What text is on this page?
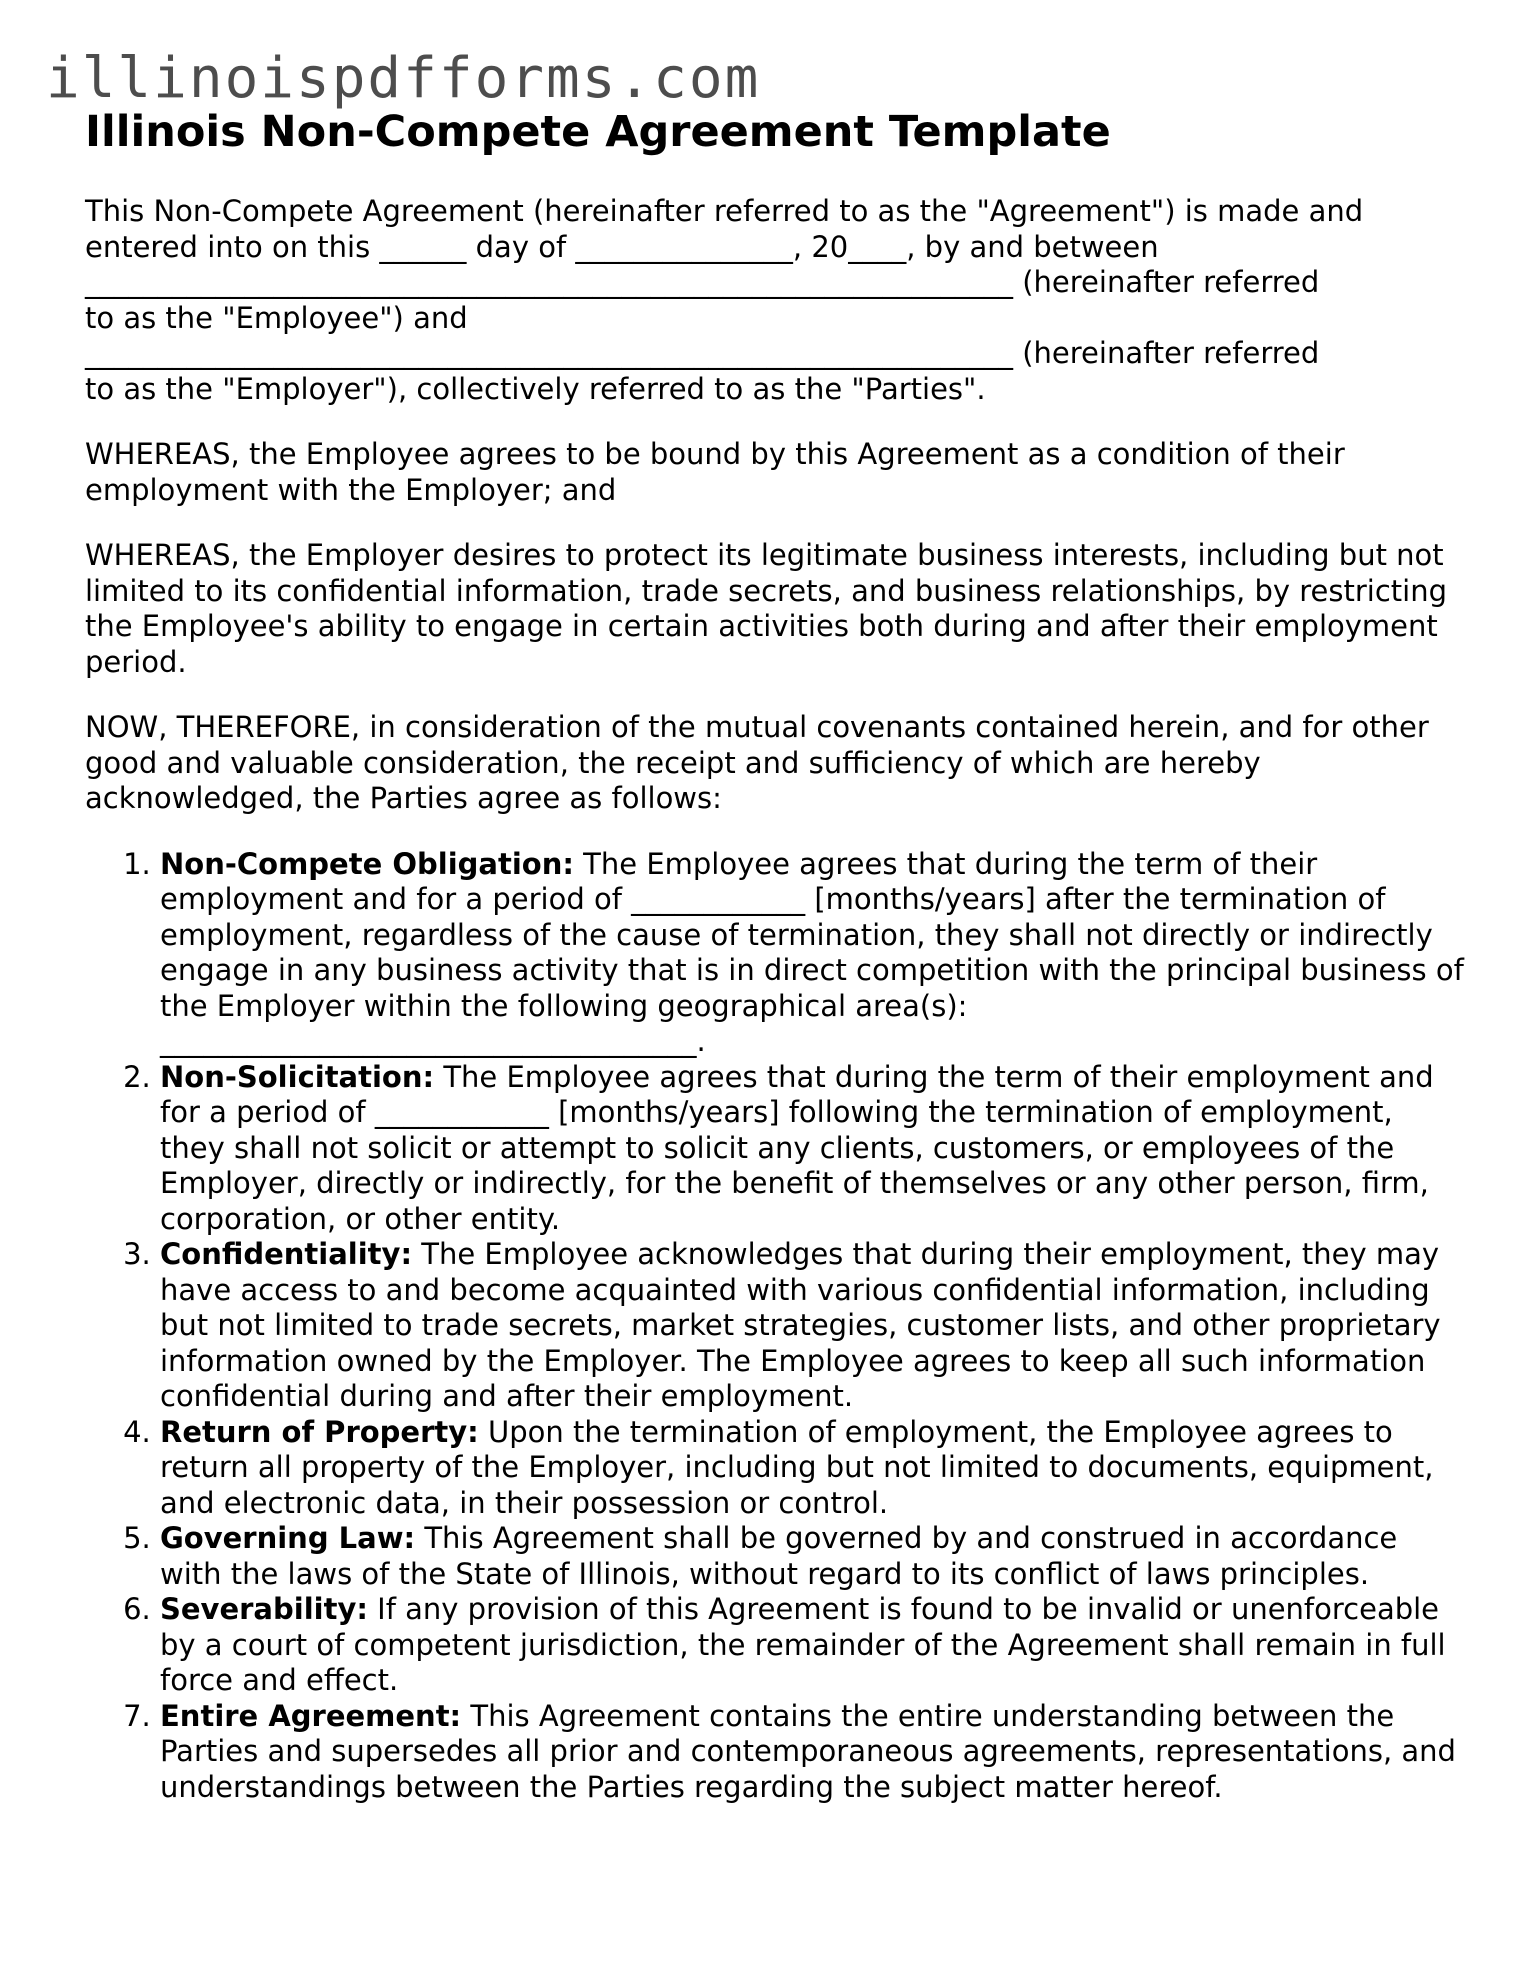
illinoispdfforms.com
Illinois Non-Compete Agreement Template
This Non-Compete Agreement (hereinafter referred to as the "Agreement") is made and
entered into on this ______ day of _______________, 20____, by and between
________________________________________________________________ (hereinafter referred
to as the "Employee") and
________________________________________________________________ (hereinafter referred
to as the "Employer"), collectively referred to as the "Parties".

WHEREAS, the Employee agrees to be bound by this Agreement as a condition of their employment with the Employer; and

WHEREAS, the Employer desires to protect its legitimate business interests, including but not limited to its confidential information, trade secrets, and business relationships, by restricting the Employee's ability to engage in certain activities both during and after their employment period.

NOW, THEREFORE, in consideration of the mutual covenants contained herein, and for other good and valuable consideration, the receipt and sufficiency of which are hereby acknowledged, the Parties agree as follows:

1. Non-Compete Obligation: The Employee agrees that during the term of their employment and for a period of ____________ [months/years] after the termination of employment, regardless of the cause of termination, they shall not directly or indirectly engage in any business activity that is in direct competition with the principal business of the Employer within the following geographical area(s): _____________________________________.
2. Non-Solicitation: The Employee agrees that during the term of their employment and for a period of ____________ [months/years] following the termination of employment, they shall not solicit or attempt to solicit any clients, customers, or employees of the Employer, directly or indirectly, for the benefit of themselves or any other person, firm, corporation, or other entity.
3. Confidentiality: The Employee acknowledges that during their employment, they may have access to and become acquainted with various confidential information, including but not limited to trade secrets, market strategies, customer lists, and other proprietary information owned by the Employer. The Employee agrees to keep all such information confidential during and after their employment.
4. Return of Property: Upon the termination of employment, the Employee agrees to return all property of the Employer, including but not limited to documents, equipment, and electronic data, in their possession or control.
5. Governing Law: This Agreement shall be governed by and construed in accordance with the laws of the State of Illinois, without regard to its conflict of laws principles.
6. Severability: If any provision of this Agreement is found to be invalid or unenforceable by a court of competent jurisdiction, the remainder of the Agreement shall remain in full force and effect.
7. Entire Agreement: This Agreement contains the entire understanding between the Parties and supersedes all prior and contemporaneous agreements, representations, and understandings between the Parties regarding the subject matter hereof.
